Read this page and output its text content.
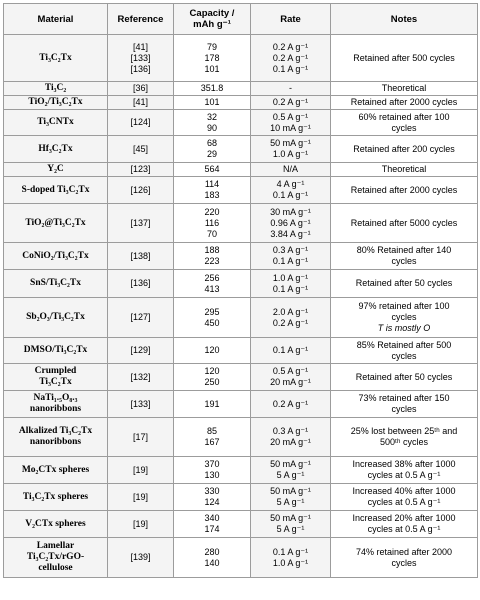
Material	Reference	Capacity /
mAh g⁻¹	Rate	Notes

Ti₃C₂Tx	[41]
[133]
[136]	79
178
101	0.2 A g⁻¹
0.2 A g⁻¹
0.1 A g⁻¹	Retained after 500 cycles

Ti₃C₂	[36]	351.8	-	Theoretical

TiO₂/Ti₃C₂Tx	[41]	101	0.2 A g⁻¹	Retained after 2000 cycles

Ti₃CNTx	[124]	32
90	0.5 A g⁻¹
10 mA g⁻¹	60% retained after 100
cycles

Hf₃C₂Tx	[45]	68
29	50 mA g⁻¹
1.0 A g⁻¹	Retained after 200 cycles

Y₂C	[123]	564	N/A	Theoretical

S-doped Ti₃C₂Tx	[126]	114
183	4 A g⁻¹
0.1 A g⁻¹	Retained after 2000 cycles

TiO₂@Ti₃C₂Tx	[137]	220
116
70	30 mA g⁻¹
0.96 A g⁻¹
3.84 A g⁻¹	Retained after 5000 cycles

CoNiO₂/Ti₃C₂Tx	[138]	188
223	0.3 A g⁻¹
0.1 A g⁻¹	80% Retained after 140
cycles

SnS/Ti₃C₂Tx	[136]	256
413	1.0 A g⁻¹
0.1 A g⁻¹	Retained after 50 cycles

Sb₂O₃/Ti₃C₂Tx	[127]	295
450	2.0 A g⁻¹
0.2 A g⁻¹	97% retained after 100
cycles
T is mostly O

DMSO/Ti₃C₂Tx	[129]	120	0.1 A g⁻¹	85% Retained after 500
cycles

Crumpled
Ti₃C₂Tx	[132]	120
250	0.5 A g⁻¹
20 mA g⁻¹	Retained after 50 cycles

NaTi₁.₅O₈.₃
nanoribbons	[133]	191	0.2 A g⁻¹	73% retained after 150
cycles

Alkalized Ti₃C₂Tx
nanoribbons	[17]	85
167	0.3 A g⁻¹
20 mA g⁻¹	25% lost between 25ᵗʰ and
500ᵗʰ cycles

Mo₂CTx spheres	[19]	370
130	50 mA g⁻¹
5 A g⁻¹	Increased 38% after 1000
cycles at 0.5 A g⁻¹

Ti₃C₂Tx spheres	[19]	330
124	50 mA g⁻¹
5 A g⁻¹	Increased 40% after 1000
cycles at 0.5 A g⁻¹

V₂CTx spheres	[19]	340
174	50 mA g⁻¹
5 A g⁻¹	Increased 20% after 1000
cycles at 0.5 A g⁻¹

Lamellar
Ti₃C₂Tx/rGO-
cellulose	[139]	280
140	0.1 A g⁻¹
1.0 A g⁻¹	74% retained after 2000
cycles
